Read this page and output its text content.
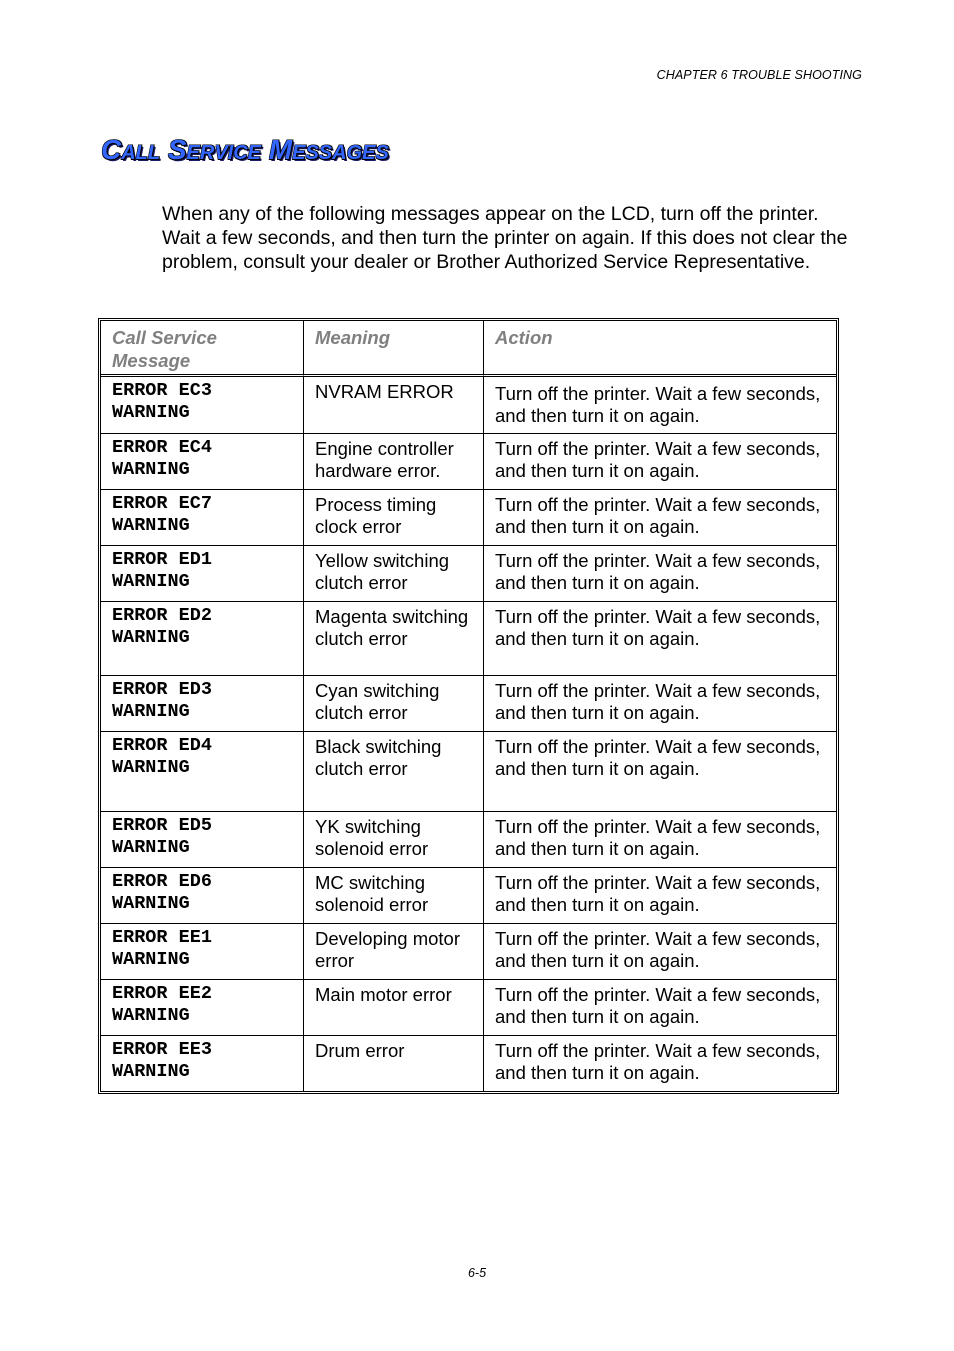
CHAPTER 6 TROUBLE SHOOTING
Call Service Messages
When any of the following messages appear on the LCD, turn off the printer. Wait a few seconds, and then turn the printer on again. If this does not clear the problem, consult your dealer or Brother Authorized Service Representative.
Call Service Message	Meaning	Action

ERROR EC3
WARNING	NVRAM ERROR	Turn off the printer. Wait a few seconds, and then turn it on again.

ERROR EC4
WARNING	Engine controller hardware error.	Turn off the printer. Wait a few seconds, and then turn it on again.

ERROR EC7
WARNING	Process timing clock error	Turn off the printer. Wait a few seconds, and then turn it on again.

ERROR ED1
WARNING	Yellow switching clutch error	Turn off the printer. Wait a few seconds, and then turn it on again.

ERROR ED2
WARNING	Magenta switching clutch error	Turn off the printer. Wait a few seconds, and then turn it on again.

ERROR ED3
WARNING	Cyan switching clutch error	Turn off the printer. Wait a few seconds, and then turn it on again.

ERROR ED4
WARNING	Black switching clutch error	Turn off the printer. Wait a few seconds, and then turn it on again.

ERROR ED5
WARNING	YK switching solenoid error	Turn off the printer. Wait a few seconds, and then turn it on again.

ERROR ED6
WARNING	MC switching solenoid error	Turn off the printer. Wait a few seconds, and then turn it on again.

ERROR EE1
WARNING	Developing motor error	Turn off the printer. Wait a few seconds, and then turn it on again.

ERROR EE2
WARNING	Main motor error	Turn off the printer. Wait a few seconds, and then turn it on again.

ERROR EE3
WARNING	Drum error	Turn off the printer. Wait a few seconds, and then turn it on again.
6-5
